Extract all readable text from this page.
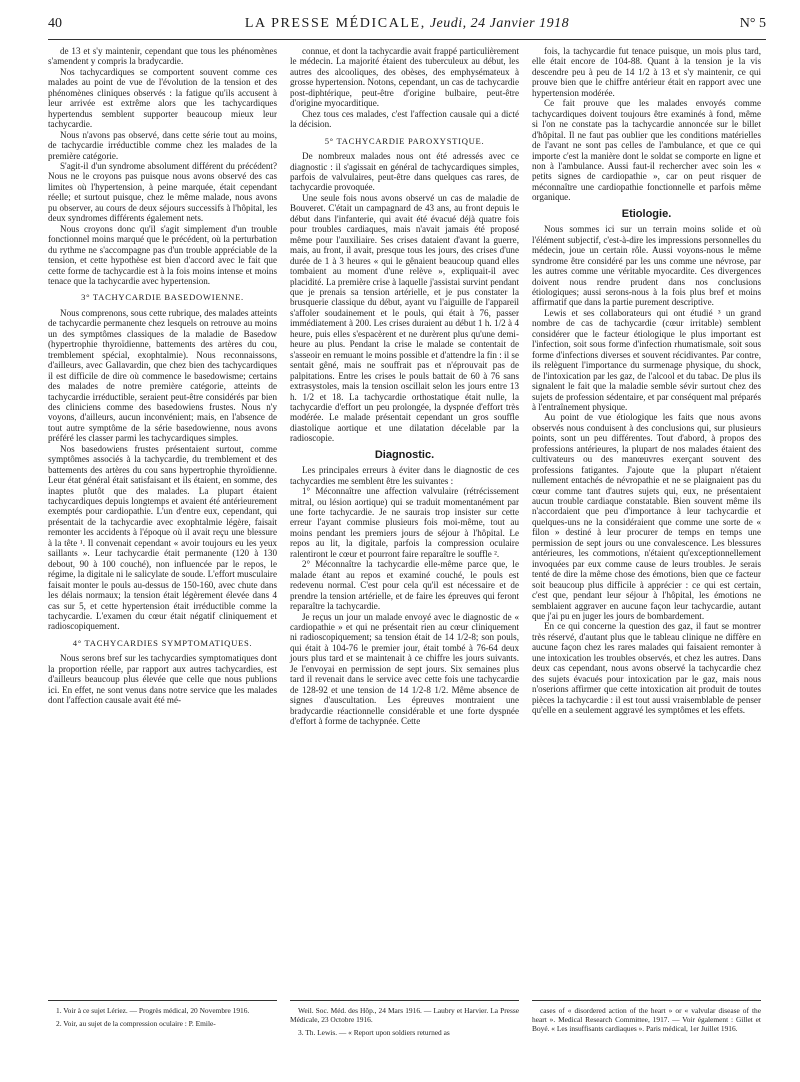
40	LA PRESSE MÉDICALE, Jeudi, 24 Janvier 1918	N° 5

de 13 et s'y maintenir, cependant que tous les phénomènes s'amendent y compris la bradycardie.

Nos tachycardiques se comportent souvent comme ces malades au point de vue de l'évolution de la tension et des phénomènes cliniques observés : la fatigue qu'ils accusent à leur arrivée est extrême alors que les tachycardiques hypertendus semblent supporter beaucoup mieux leur tachycardie.

Nous n'avons pas observé, dans cette série tout au moins, de tachycardie irréductible comme chez les malades de la première catégorie.

S'agit-il d'un syndrome absolument différent du précédent? Nous ne le croyons pas puisque nous avons observé des cas limites où l'hypertension, à peine marquée, était cependant réelle; et surtout puisque, chez le même malade, nous avons pu observer, au cours de deux séjours successifs à l'hôpital, les deux syndromes différents également nets.

Nous croyons donc qu'il s'agit simplement d'un trouble fonctionnel moins marqué que le précédent, où la perturbation du rythme ne s'accompagne pas d'un trouble appréciable de la tension, et cette hypothèse est bien d'accord avec le fait que cette forme de tachycardie est à la fois moins intense et moins tenace que la tachycardie avec hypertension.

3° TACHYCARDIE BASEDOWIENNE.

Nous comprenons, sous cette rubrique, des malades atteints de tachycardie permanente chez lesquels on retrouve au moins un des symptômes classiques de la maladie de Basedow (hypertrophie thyroïdienne, battements des artères du cou, tremblement spécial, exophtalmie). Nous reconnaissons, d'ailleurs, avec Gallavardin, que chez bien des tachycardiques il est difficile de dire où commence le basedowisme; certains des malades de notre première catégorie, atteints de tachycardie irréductible, seraient peut-être considérés par bien des cliniciens comme des basedowiens frustes. Nous n'y voyons, d'ailleurs, aucun inconvénient; mais, en l'absence de tout autre symptôme de la série basedowienne, nous avons préféré les classer parmi les tachycardiques simples.

Nos basedowiens frustes présentaient surtout, comme symptômes associés à la tachycardie, du tremblement et des battements des artères du cou sans hypertrophie thyroïdienne. Leur état général était satisfaisant et ils étaient, en somme, des inaptes plutôt que des malades. La plupart étaient tachycardiques depuis longtemps et avaient été antérieurement exemptés pour cardiopathie. L'un d'entre eux, cependant, qui présentait de la tachycardie avec exophtalmie légère, faisait remonter les accidents à l'époque où il avait reçu une blessure à la tête ¹. Il convenait cependant « avoir toujours eu les yeux saillants ». Leur tachycardie était permanente (120 à 130 debout, 90 à 100 couché), non influencée par le repos, le régime, la digitale ni le salicylate de soude. L'effort musculaire faisait monter le pouls au-dessus de 150-160, avec chute dans les délais normaux; la tension était légèrement élevée dans 4 cas sur 5, et cette hypertension était irréductible comme la tachycardie. L'examen du cœur était négatif cliniquement et radioscopiquement.

4° TACHYCARDIES SYMPTOMATIQUES.

Nous serons bref sur les tachycardies symptomatiques dont la proportion réelle, par rapport aux autres tachycardies, est d'ailleurs beaucoup plus élevée que celle que nous publions ici. En effet, ne sont venus dans notre service que les malades dont l'affection causale avait été mé-

connue, et dont la tachycardie avait frappé particulièrement le médecin. La majorité étaient des tuberculeux au début, les autres des alcooliques, des obèses, des emphysémateux à grosse hypertension. Notons, cependant, un cas de tachycardie post-diphtérique, peut-être d'origine bulbaire, peut-être d'origine myocarditique.

Chez tous ces malades, c'est l'affection causale qui a dicté la décision.

5° TACHYCARDIE PAROXYSTIQUE.

De nombreux malades nous ont été adressés avec ce diagnostic : il s'agissait en général de tachycardiques simples, parfois de valvulaires, peut-être dans quelques cas rares, de tachycardie provoquée.

Une seule fois nous avons observé un cas de maladie de Bouveret. C'était un campagnard de 43 ans, au front depuis le début dans l'infanterie, qui avait été évacué déjà quatre fois pour troubles cardiaques, mais n'avait jamais été proposé même pour l'auxiliaire. Ses crises dataient d'avant la guerre, mais, au front, il avait, presque tous les jours, des crises d'une durée de 1 à 3 heures « qui le gênaient beaucoup quand elles tombaient au moment d'une relève », expliquait-il avec placidité. La première crise à laquelle j'assistai survint pendant que je prenais sa tension artérielle, et je pus constater la brusquerie classique du début, ayant vu l'aiguille de l'appareil s'affoler soudainement et le pouls, qui était à 76, passer immédiatement à 200. Les crises duraient au début 1 h. 1/2 à 4 heure, puis elles s'espacèrent et ne durèrent plus qu'une demi-heure au plus. Pendant la crise le malade se contentait de s'asseoir en remuant le moins possible et d'attendre la fin : il se sentait gêné, mais ne souffrait pas et n'éprouvait pas de palpitations. Entre les crises le pouls battait de 60 à 76 sans extrasystoles, mais la tension oscillait selon les jours entre 13 h. 1/2 et 18. La tachycardie orthostatique était nulle, la tachycardie d'effort un peu prolongée, la dyspnée d'effort très modérée. Le malade présentait cependant un gros souffle diastolique aortique et une dilatation décelable par la radioscopie.

Diagnostic.

Les principales erreurs à éviter dans le diagnostic de ces tachycardies me semblent être les suivantes :

1° Méconnaître une affection valvulaire (rétrécissement mitral, ou lésion aortique) qui se traduit momentanément par une forte tachycardie. Je ne saurais trop insister sur cette erreur l'ayant commise plusieurs fois moi-même, tout au moins pendant les premiers jours de séjour à l'hôpital. Le repos au lit, la digitale, parfois la compression oculaire ralentiront le cœur et pourront faire reparaître le souffle ².

2° Méconnaître la tachycardie elle-même parce que, le malade étant au repos et examiné couché, le pouls est redevenu normal. C'est pour cela qu'il est nécessaire et de prendre la tension artérielle, et de faire les épreuves qui feront reparaître la tachycardie.

Je reçus un jour un malade envoyé avec le diagnostic de « cardiopathie » et qui ne présentait rien au cœur cliniquement ni radioscopiquement; sa tension était de 14 1/2-8; son pouls, qui était à 104-76 le premier jour, était tombé à 76-64 deux jours plus tard et se maintenait à ce chiffre les jours suivants. Je l'envoyai en permission de sept jours. Six semaines plus tard il revenait dans le service avec cette fois une tachycardie de 128-92 et une tension de 14 1/2-8 1/2. Même absence de signes d'auscultation. Les épreuves montraient une bradycardie réactionnelle considérable et une forte dyspnée d'effort à forme de tachypnée. Cette

fois, la tachycardie fut tenace puisque, un mois plus tard, elle était encore de 104-88. Quant à la tension je la vis descendre peu à peu de 14 1/2 à 13 et s'y maintenir, ce qui prouve bien que le chiffre antérieur était en rapport avec une hypertension modérée.

Ce fait prouve que les malades envoyés comme tachycardiques doivent toujours être examinés à fond, même si l'on ne constate pas la tachycardie annoncée sur le billet d'hôpital. Il ne faut pas oublier que les conditions matérielles de l'avant ne sont pas celles de l'ambulance, et que ce qui importe c'est la manière dont le soldat se comporte en ligne et non à l'ambulance. Aussi faut-il rechercher avec soin les « petits signes de cardiopathie », car on peut risquer de méconnaître une cardiopathie fonctionnelle et parfois même organique.

Etiologie.

Nous sommes ici sur un terrain moins solide et où l'élément subjectif, c'est-à-dire les impressions personnelles du médecin, joue un certain rôle. Aussi voyons-nous le même syndrome être considéré par les uns comme une névrose, par les autres comme une véritable myocardite. Ces divergences doivent nous rendre prudent dans nos conclusions étiologiques; aussi serons-nous à la fois plus bref et moins affirmatif que dans la partie purement descriptive.

Lewis et ses collaborateurs qui ont étudié ³ un grand nombre de cas de tachycardie (cœur irritable) semblent considérer que le facteur étiologique le plus important est l'infection, soit sous forme d'infection rhumatismale, soit sous forme d'infections diverses et souvent récidivantes. Par contre, ils relèguent l'importance du surmenage physique, du shock, de l'intoxication par les gaz, de l'alcool et du tabac. De plus ils signalent le fait que la maladie semble sévir surtout chez des sujets de profession sédentaire, et par conséquent mal préparés à l'entraînement physique.

Au point de vue étiologique les faits que nous avons observés nous conduisent à des conclusions qui, sur plusieurs points, sont un peu différentes. Tout d'abord, à propos des professions antérieures, la plupart de nos malades étaient des cultivateurs ou des manœuvres exerçant souvent des professions fatigantes. J'ajoute que la plupart n'étaient nullement entachés de névropathie et ne se plaignaient pas du cœur comme tant d'autres sujets qui, eux, ne présentaient aucun trouble cardiaque constatable. Bien souvent même ils n'accordaient que peu d'importance à leur tachycardie et quelques-uns ne la considéraient que comme une sorte de « filon » destiné à leur procurer de temps en temps une permission de sept jours ou une convalescence. Les blessures antérieures, les commotions, n'étaient qu'exceptionnellement invoquées par eux comme cause de leurs troubles. Je serais tenté de dire la même chose des émotions, bien que ce facteur soit beaucoup plus difficile à apprécier : ce qui est certain, c'est que, pendant leur séjour à l'hôpital, les émotions ne semblaient aggraver en aucune façon leur tachycardie, autant que j'ai pu en juger les jours de bombardement.

En ce qui concerne la question des gaz, il faut se montrer très réservé, d'autant plus que le tableau clinique ne diffère en aucune façon chez les rares malades qui faisaient remonter à une intoxication les troubles observés, et chez les autres. Dans deux cas cependant, nous avons observé la tachycardie chez des sujets évacués pour intoxication par le gaz, mais nous n'oserions affirmer que cette intoxication ait produit de toutes pièces la tachycardie : il est tout aussi vraisemblable de penser qu'elle en a seulement aggravé les symptômes et les effets.

1. Voir à ce sujet Lériez. — Progrès médical, 20 Novembre 1916.

2. Voir, au sujet de la compression oculaire : P. Emile-

Weil. Soc. Méd. des Hôp., 24 Mars 1916. — Laubry et Harvier. La Presse Médicale, 23 Octobre 1916.

3. Th. Lewis. — « Report upon soldiers returned as

cases of « disordered action of the heart » or « valvular disease of the heart ». Medical Research Committee, 1917. — Voir également : Gillet et Boyé. « Les insuffisants cardiaques ». Paris médical, 1er Juillet 1916.
